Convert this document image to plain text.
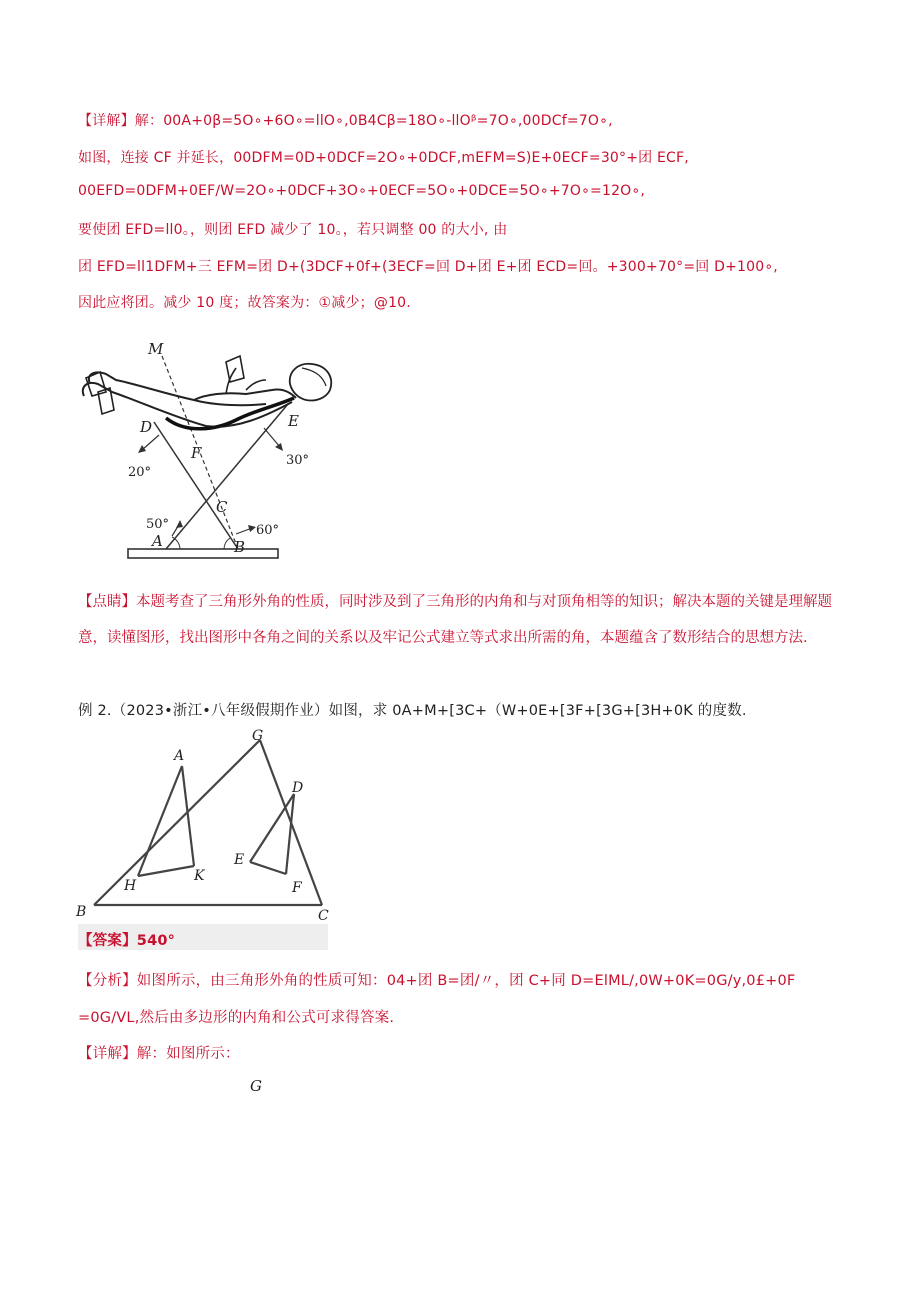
【详解】解：00A+0β=5O∘+6O∘=llO∘,0B4Cβ=18O∘-llOᵝ=7O∘,00DCf=7O∘,
如图，连接 CF 并延长，00DFM=0D+0DCF=2O∘+0DCF,mEFM=S)E+0ECF=30°+团 ECF,
00EFD=0DFM+0EF∕W=2O∘+0DCF+3O∘+0ECF=5O∘+0DCE=5O∘+7O∘=12O∘,
要使团 EFD=ll0。，则团 EFD 减少了 10。，若只调整 00 的大小, 由
团 EFD=ll1DFM+三 EFM=团 D+(3DCF+0f+(3ECF=回 D+团 E+团 ECD=回。+300+70°=回 D+100∘,
因此应将团。减少 10 度；故答案为：①减少；@10.
M
D	E
F
C
A	B
20°
30°
50°	60°
【点睛】本题考查了三角形外角的性质，同时涉及到了三角形的内角和与对顶角相等的知识；解决本题的关键是理解题意，读懂图形，找出图形中各角之间的关系以及牢记公式建立等式求出所需的角，本题蕴含了数形结合的思想方法.
例 2.（2023•浙江•八年级假期作业）如图，求 0A+M+[3C+（W+0E+[3F+[3G+[3H+0K 的度数.
A
G
D
E
K
H	F
B	C
【答案】540°
【分析】如图所示，由三角形外角的性质可知：04+团 B=团/〃，团 C+同 D=ElML/,0W+0K=0G∕y,0£+0F
=0G∕VL,然后由多边形的内角和公式可求得答案.
【详解】解：如图所示：
G
